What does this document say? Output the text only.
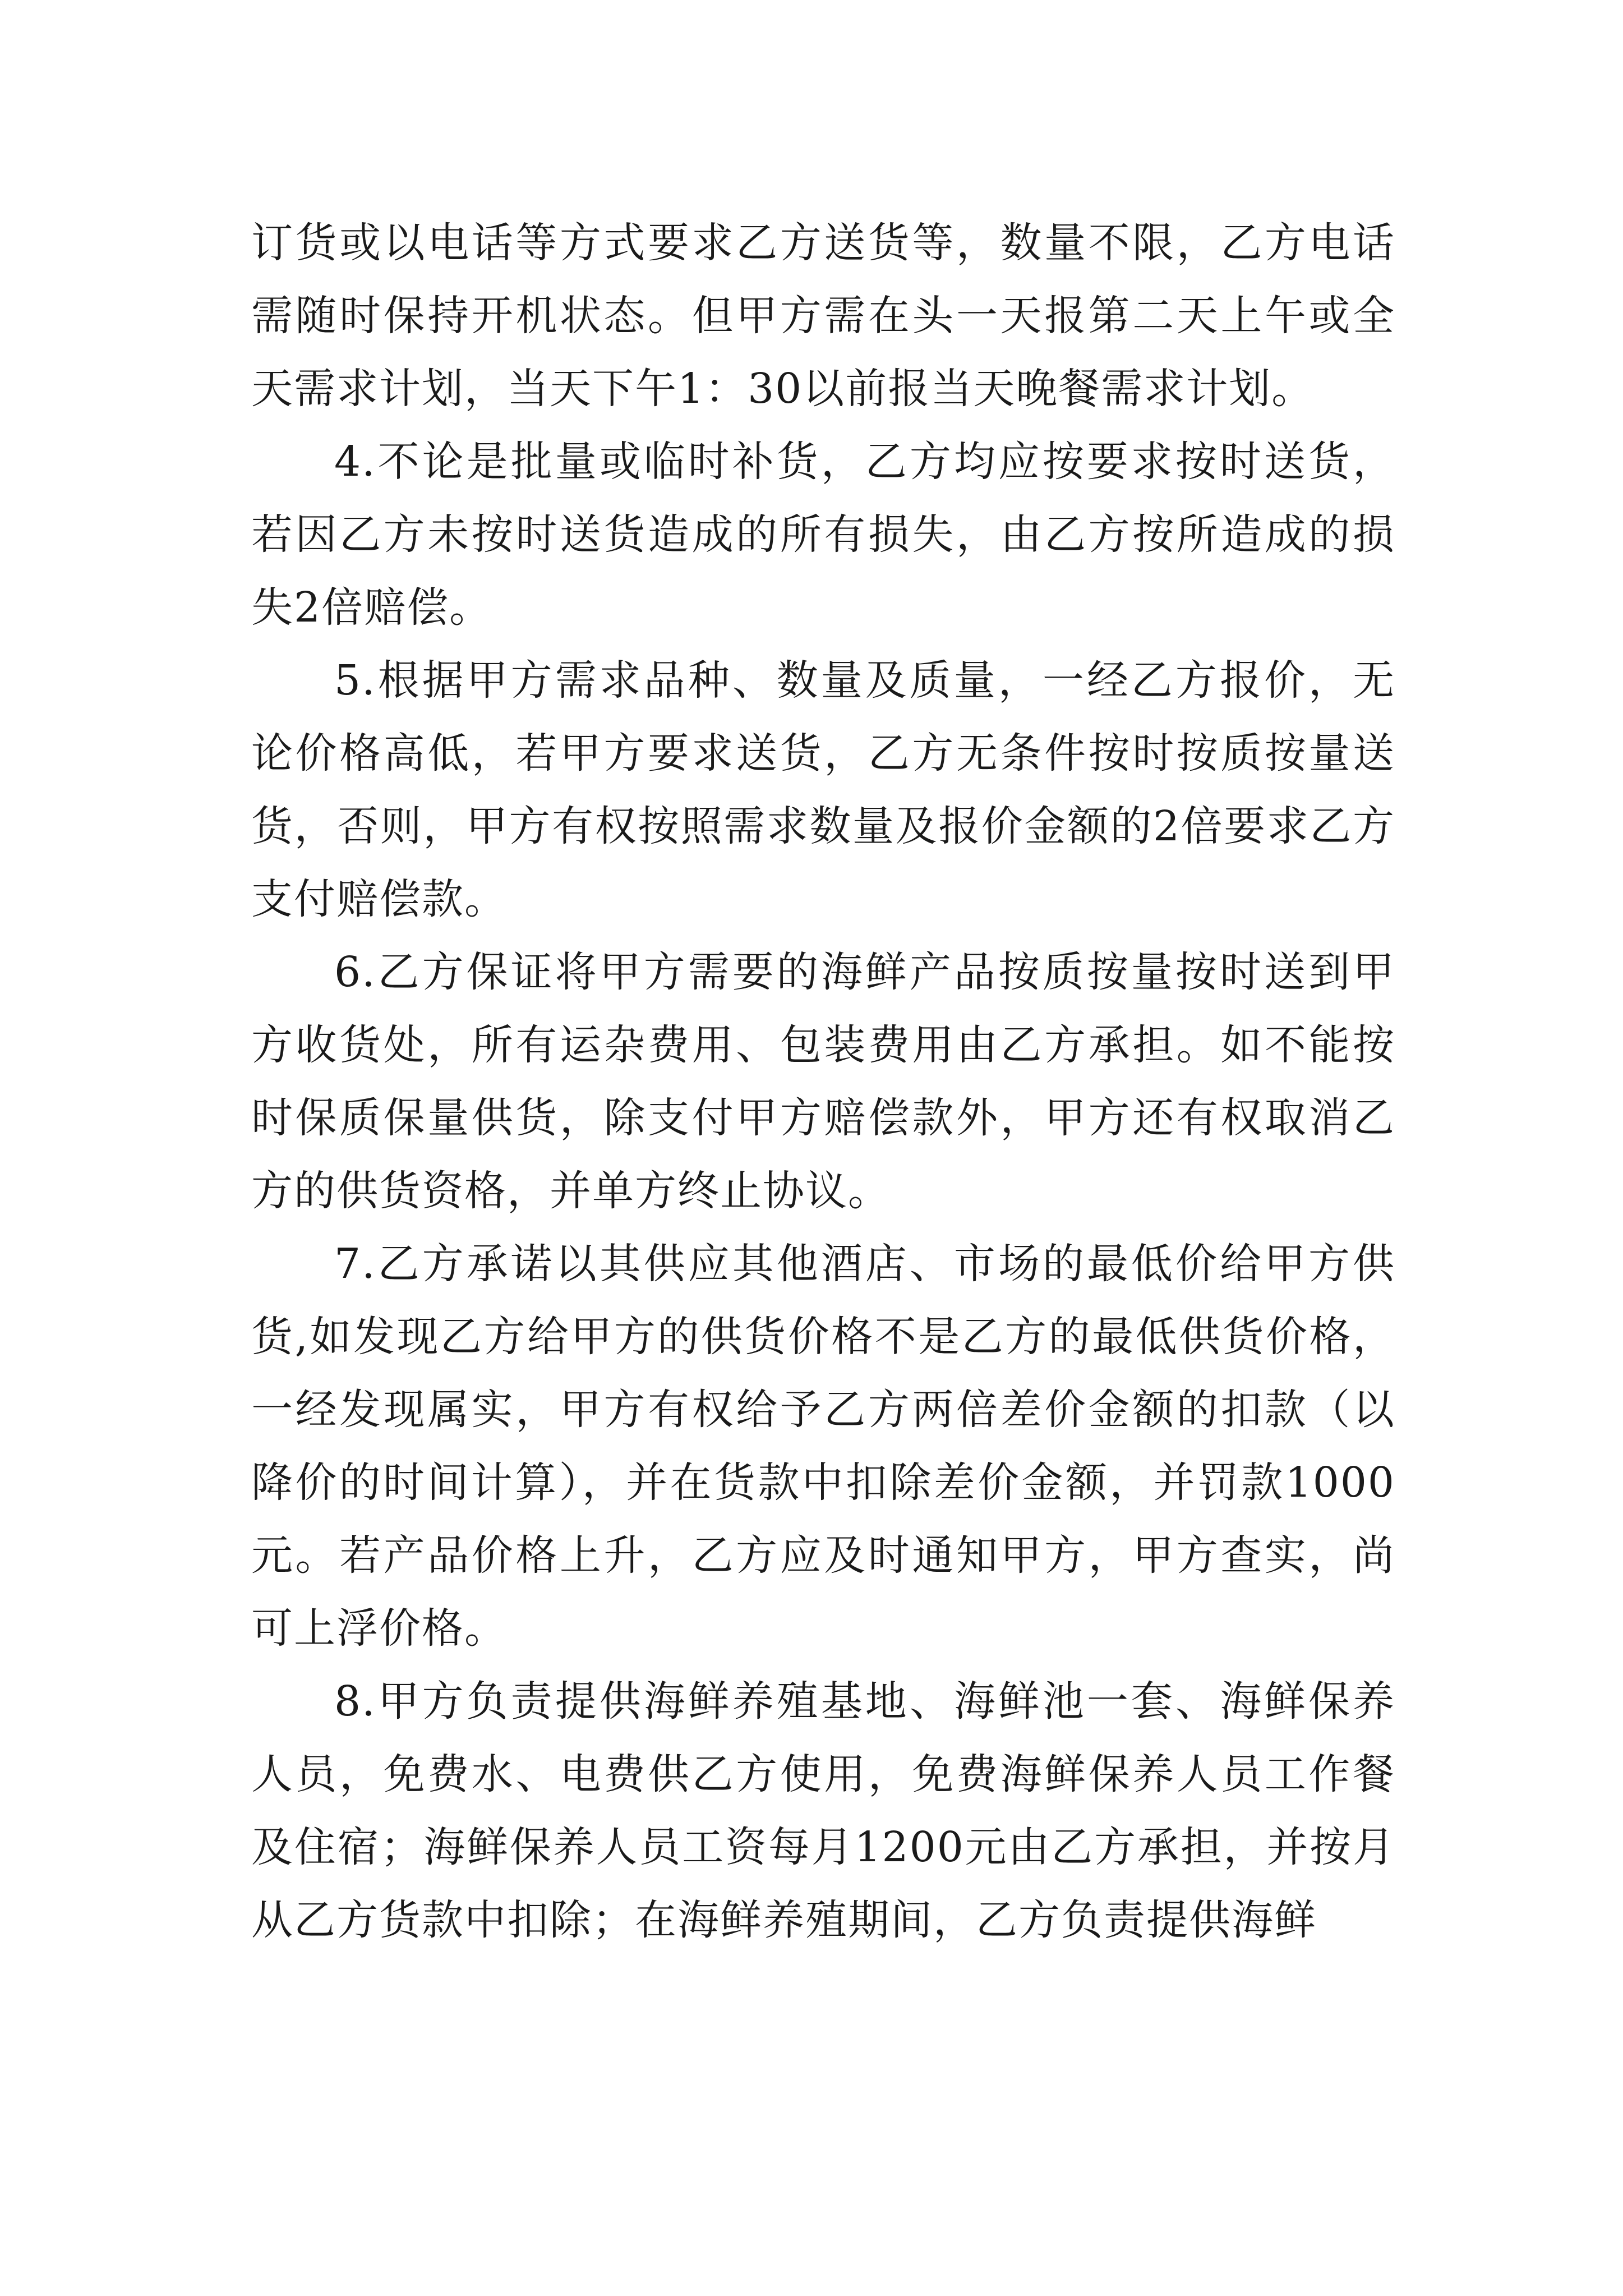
订货或以电话等方式要求乙方送货等，数量不限，乙方电话需随时保持开机状态。但甲方需在头一天报第二天上午或全天需求计划，当天下午1：30以前报当天晚餐需求计划。

4.不论是批量或临时补货，乙方均应按要求按时送货，若因乙方未按时送货造成的所有损失，由乙方按所造成的损失2倍赔偿。

5.根据甲方需求品种、数量及质量，一经乙方报价，无论价格高低，若甲方要求送货，乙方无条件按时按质按量送货，否则，甲方有权按照需求数量及报价金额的2倍要求乙方支付赔偿款。

6.乙方保证将甲方需要的海鲜产品按质按量按时送到甲方收货处，所有运杂费用、包装费用由乙方承担。如不能按时保质保量供货，除支付甲方赔偿款外，甲方还有权取消乙方的供货资格，并单方终止协议。

7.乙方承诺以其供应其他酒店、市场的最低价给甲方供货,如发现乙方给甲方的供货价格不是乙方的最低供货价格，一经发现属实，甲方有权给予乙方两倍差价金额的扣款（以降价的时间计算），并在货款中扣除差价金额，并罚款1000元。若产品价格上升，乙方应及时通知甲方，甲方查实，尚可上浮价格。

8.甲方负责提供海鲜养殖基地、海鲜池一套、海鲜保养人员，免费水、电费供乙方使用，免费海鲜保养人员工作餐及住宿；海鲜保养人员工资每月1200元由乙方承担，并按月从乙方货款中扣除；在海鲜养殖期间，乙方负责提供海鲜
